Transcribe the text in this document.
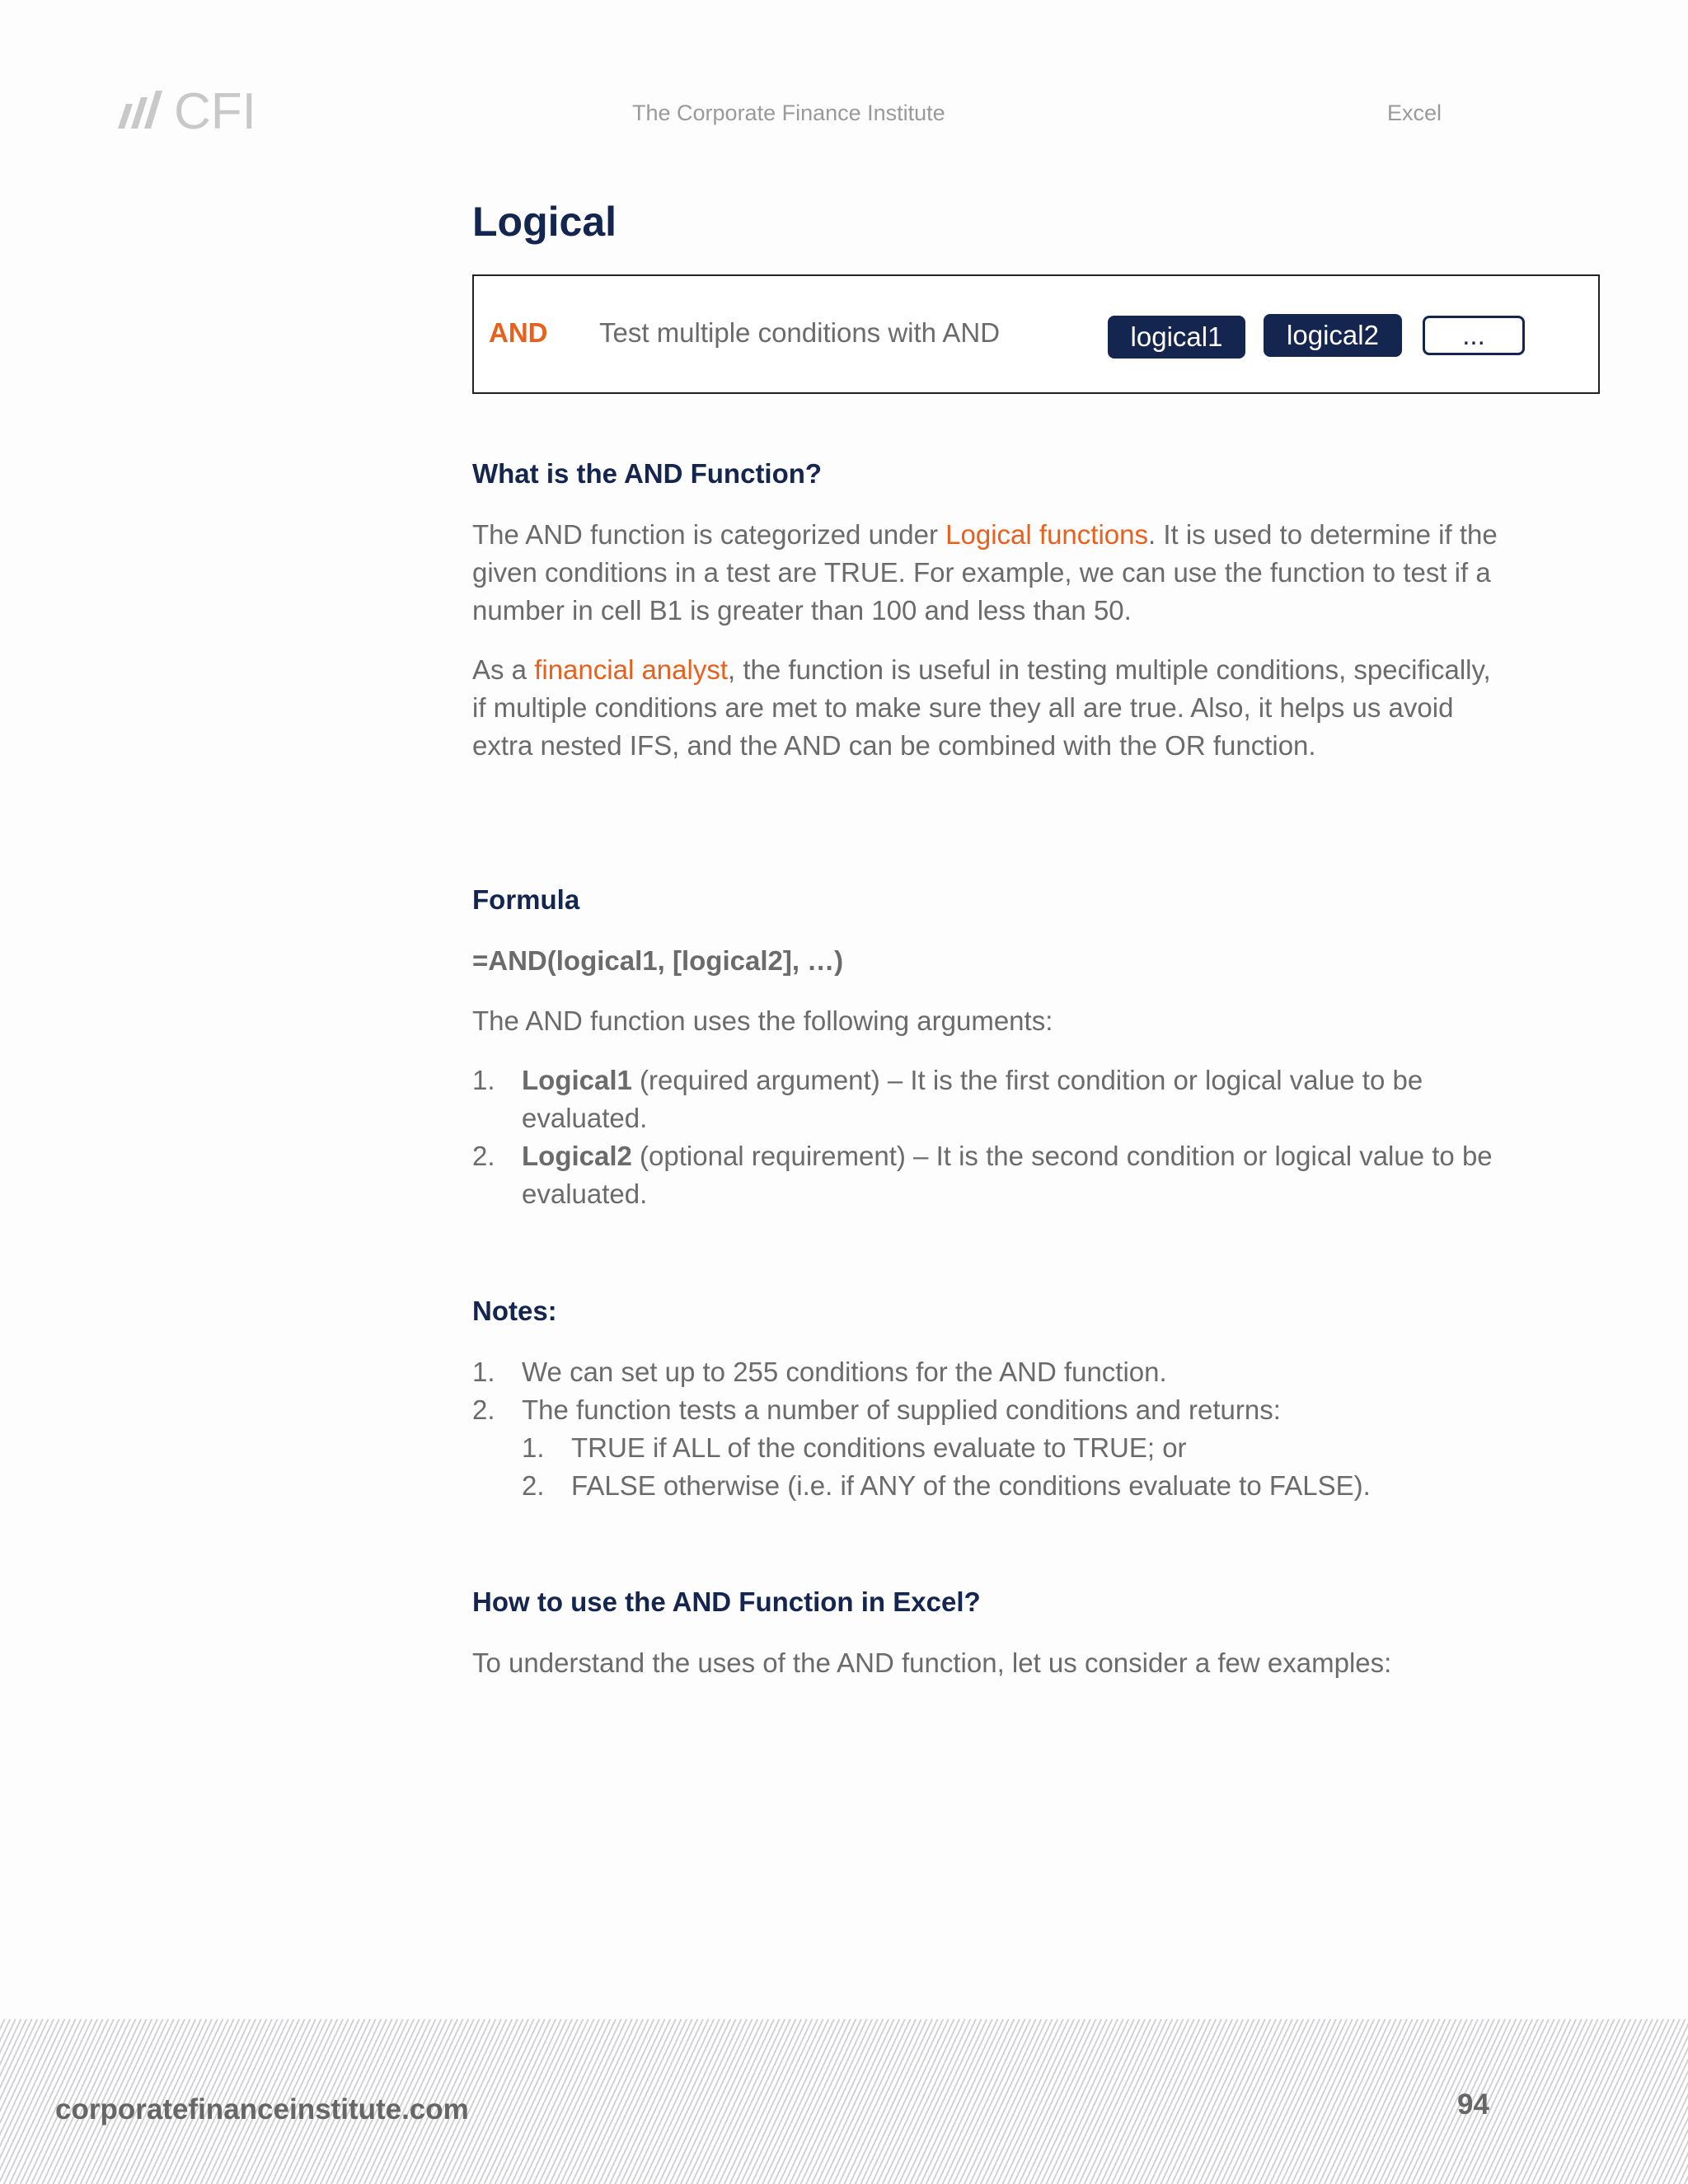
CFI	The Corporate Finance Institute	Excel
Logical
AND Test multiple conditions with AND	logical1	logical2	...
What is the AND Function?

The AND function is categorized under Logical functions. It is used to determine if the given conditions in a test are TRUE. For example, we can use the function to test if a number in cell B1 is greater than 100 and less than 50.

As a financial analyst, the function is useful in testing multiple conditions, specifically, if multiple conditions are met to make sure they all are true. Also, it helps us avoid extra nested IFS, and the AND can be combined with the OR function.

Formula
=AND(logical1, [logical2], …)
The AND function uses the following arguments:
1. Logical1 (required argument) – It is the first condition or logical value to be evaluated.
2. Logical2 (optional requirement) – It is the second condition or logical value to be evaluated.
Notes:
1. We can set up to 255 conditions for the AND function.
2. The function tests a number of supplied conditions and returns:
1. TRUE if ALL of the conditions evaluate to TRUE; or
2. FALSE otherwise (i.e. if ANY of the conditions evaluate to FALSE).
How to use the AND Function in Excel?
To understand the uses of the AND function, let us consider a few examples:
corporatefinanceinstitute.com	94
